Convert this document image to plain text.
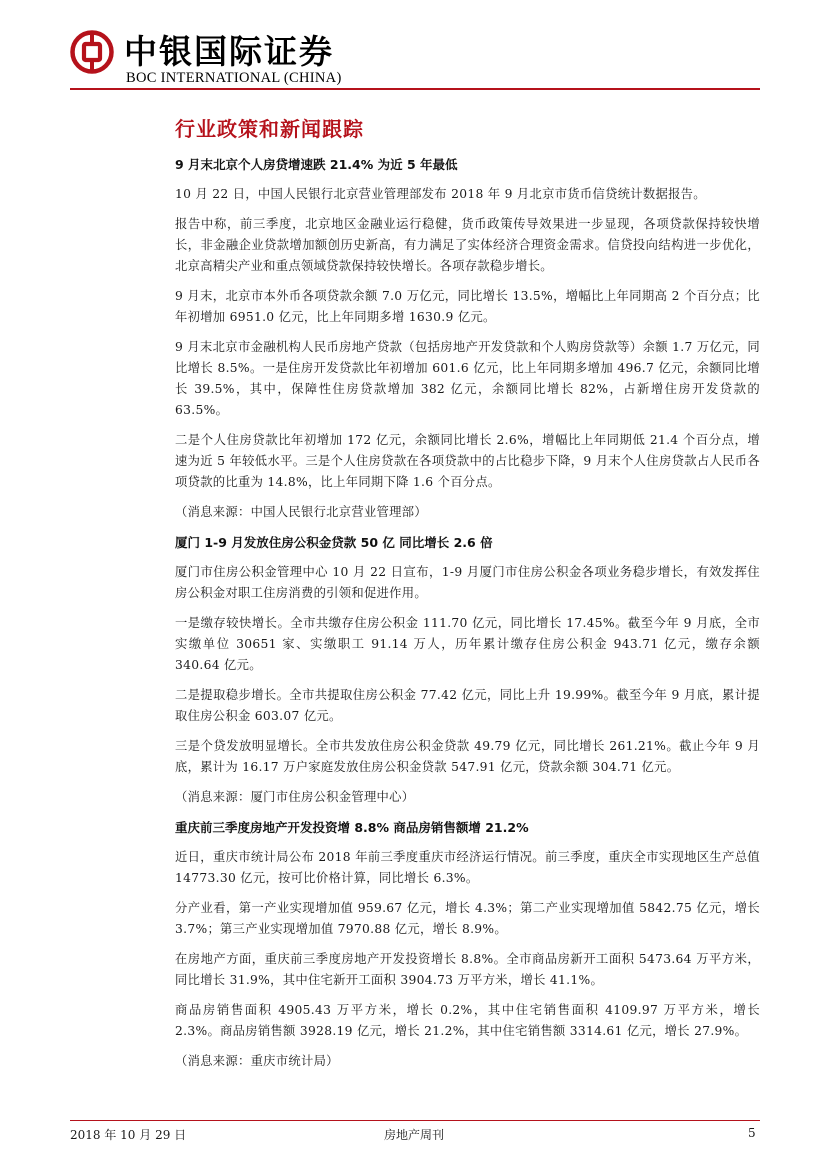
中银国际证券
BOC INTERNATIONAL (CHINA)
行业政策和新闻跟踪

9 月末北京个人房贷增速跌 21.4% 为近 5 年最低

10 月 22 日，中国人民银行北京营业管理部发布 2018 年 9 月北京市货币信贷统计数据报告。

报告中称，前三季度，北京地区金融业运行稳健，货币政策传导效果进一步显现，各项贷款保持较快增长，非金融企业贷款增加额创历史新高，有力满足了实体经济合理资金需求。信贷投向结构进一步优化，北京高精尖产业和重点领域贷款保持较快增长。各项存款稳步增长。

9 月末，北京市本外币各项贷款余额 7.0 万亿元，同比增长 13.5%，增幅比上年同期高 2 个百分点；比年初增加 6951.0 亿元，比上年同期多增 1630.9 亿元。

9 月末北京市金融机构人民币房地产贷款（包括房地产开发贷款和个人购房贷款等）余额 1.7 万亿元，同比增长 8.5%。一是住房开发贷款比年初增加 601.6 亿元，比上年同期多增加 496.7 亿元，余额同比增长 39.5%，其中，保障性住房贷款增加 382 亿元，余额同比增长 82%，占新增住房开发贷款的 63.5%。

二是个人住房贷款比年初增加 172 亿元，余额同比增长 2.6%，增幅比上年同期低 21.4 个百分点，增速为近 5 年较低水平。三是个人住房贷款在各项贷款中的占比稳步下降，9 月末个人住房贷款占人民币各项贷款的比重为 14.8%，比上年同期下降 1.6 个百分点。

（消息来源：中国人民银行北京营业管理部）

厦门 1-9 月发放住房公积金贷款 50 亿 同比增长 2.6 倍

厦门市住房公积金管理中心 10 月 22 日宣布，1-9 月厦门市住房公积金各项业务稳步增长，有效发挥住房公积金对职工住房消费的引领和促进作用。

一是缴存较快增长。全市共缴存住房公积金 111.70 亿元，同比增长 17.45%。截至今年 9 月底，全市实缴单位 30651 家、实缴职工 91.14 万人，历年累计缴存住房公积金 943.71 亿元，缴存余额 340.64 亿元。

二是提取稳步增长。全市共提取住房公积金 77.42 亿元，同比上升 19.99%。截至今年 9 月底，累计提取住房公积金 603.07 亿元。

三是个贷发放明显增长。全市共发放住房公积金贷款 49.79 亿元，同比增长 261.21%。截止今年 9 月底，累计为 16.17 万户家庭发放住房公积金贷款 547.91 亿元，贷款余额 304.71 亿元。

（消息来源：厦门市住房公积金管理中心）

重庆前三季度房地产开发投资增 8.8% 商品房销售额增 21.2%

近日，重庆市统计局公布 2018 年前三季度重庆市经济运行情况。前三季度，重庆全市实现地区生产总值 14773.30 亿元，按可比价格计算，同比增长 6.3%。

分产业看，第一产业实现增加值 959.67 亿元，增长 4.3%；第二产业实现增加值 5842.75 亿元，增长 3.7%；第三产业实现增加值 7970.88 亿元，增长 8.9%。

在房地产方面，重庆前三季度房地产开发投资增长 8.8%。全市商品房新开工面积 5473.64 万平方米，同比增长 31.9%，其中住宅新开工面积 3904.73 万平方米，增长 41.1%。

商品房销售面积 4905.43 万平方米，增长 0.2%，其中住宅销售面积 4109.97 万平方米，增长 2.3%。商品房销售额 3928.19 亿元，增长 21.2%，其中住宅销售额 3314.61 亿元，增长 27.9%。

（消息来源：重庆市统计局）

2018 年 10 月 29 日	房地产周刊	5
